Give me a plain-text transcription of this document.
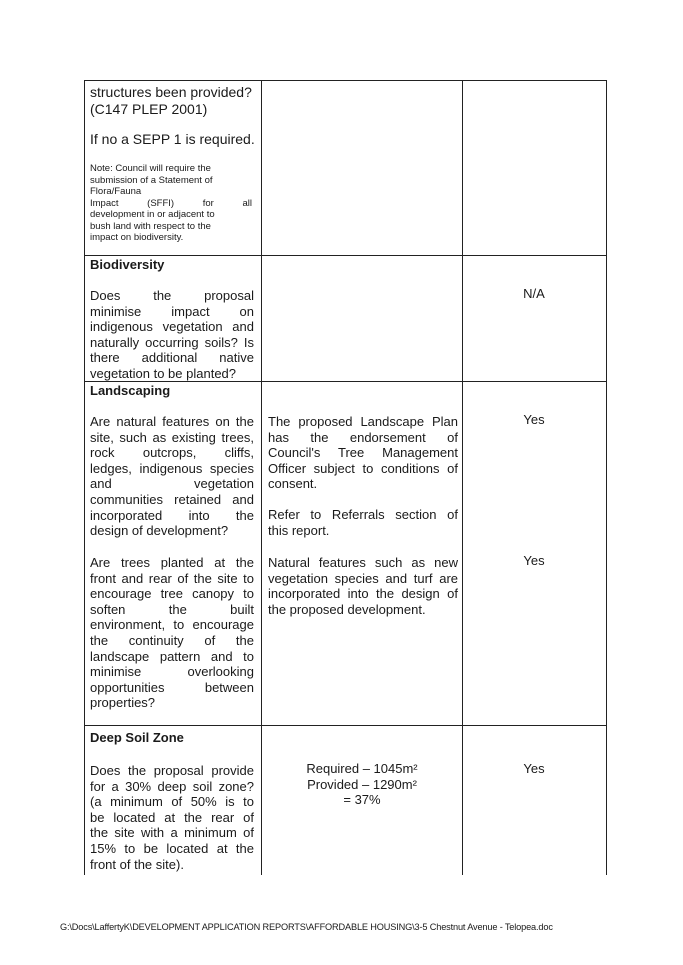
structures been provided?
(C147 PLEP 2001)
If no a SEPP 1 is required.
Note: Council will require the
submission of a Statement of
Flora/Fauna
Impact (SFFI) for all
development in or adjacent to
bush land with respect to the
impact on biodiversity.
Biodiversity
Does the proposal
minimise impact on
indigenous vegetation and
naturally occurring soils? Is
there additional native
vegetation to be planted?
N/A
Landscaping
Are natural features on the
site, such as existing trees,
rock outcrops, cliffs,
ledges, indigenous species
and vegetation
communities retained and
incorporated into the
design of development?
The proposed Landscape Plan
has the endorsement of
Council's Tree Management
Officer subject to conditions of
consent.
Refer to Referrals section of
this report.
Yes
Are trees planted at the
front and rear of the site to
encourage tree canopy to
soften the built
environment, to encourage
the continuity of the
landscape pattern and to
minimise overlooking
opportunities between
properties?
Natural features such as new
vegetation species and turf are
incorporated into the design of
the proposed development.
Yes
Deep Soil Zone
Does the proposal provide
for a 30% deep soil zone?
(a minimum of 50% is to
be located at the rear of
the site with a minimum of
15% to be located at the
front of the site).
Required – 1045m²
Provided – 1290m²
= 37%
Yes
G:\Docs\LaffertyK\DEVELOPMENT APPLICATION REPORTS\AFFORDABLE HOUSING\3-5 Chestnut Avenue - Telopea.doc
